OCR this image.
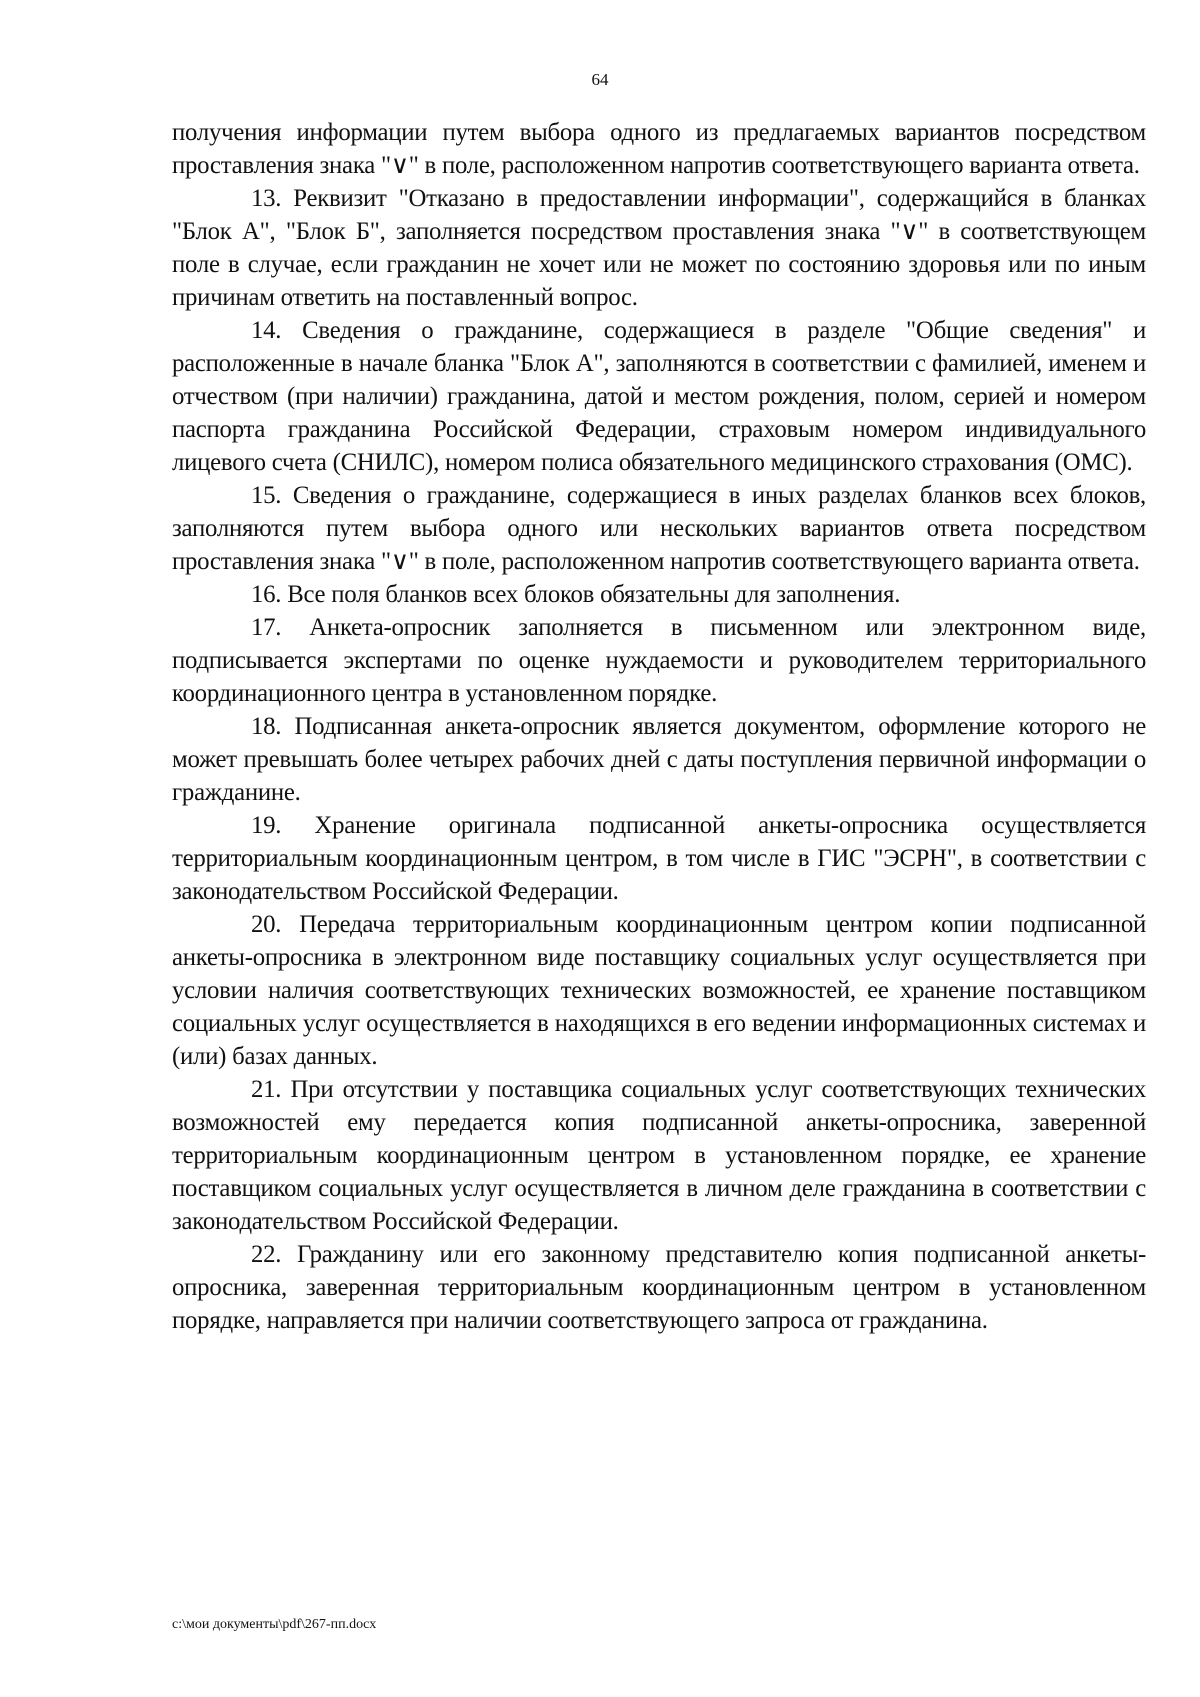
64

получения информации путем выбора одного из предлагаемых вариантов посредством проставления знака "∨" в поле, расположенном напротив соответствующего варианта ответа.

13. Реквизит "Отказано в предоставлении информации", содержащийся в бланках "Блок А", "Блок Б", заполняется посредством проставления знака "∨" в соответствующем поле в случае, если гражданин не хочет или не может по состоянию здоровья или по иным причинам ответить на поставленный вопрос.

14. Сведения о гражданине, содержащиеся в разделе "Общие сведения" и расположенные в начале бланка "Блок А", заполняются в соответствии с фамилией, именем и отчеством (при наличии) гражданина, датой и местом рождения, полом, серией и номером паспорта гражданина Российской Федерации, страховым номером индивидуального лицевого счета (СНИЛС), номером полиса обязательного медицинского страхования (ОМС).

15. Сведения о гражданине, содержащиеся в иных разделах бланков всех блоков, заполняются путем выбора одного или нескольких вариантов ответа посредством проставления знака "∨" в поле, расположенном напротив соответствующего варианта ответа.

16. Все поля бланков всех блоков обязательны для заполнения.

17. Анкета-опросник заполняется в письменном или электронном виде, подписывается экспертами по оценке нуждаемости и руководителем территориального координационного центра в установленном порядке.

18. Подписанная анкета-опросник является документом, оформление которого не может превышать более четырех рабочих дней с даты поступления первичной информации о гражданине.

19. Хранение оригинала подписанной анкеты-опросника осуществляется территориальным координационным центром, в том числе в ГИС "ЭСРН", в соответствии с законодательством Российской Федерации.

20. Передача территориальным координационным центром копии подписанной анкеты-опросника в электронном виде поставщику социальных услуг осуществляется при условии наличия соответствующих технических возможностей, ее хранение поставщиком социальных услуг осуществляется в находящихся в его ведении информационных системах и (или) базах данных.

21. При отсутствии у поставщика социальных услуг соответствующих технических возможностей ему передается копия подписанной анкеты-опросника, заверенной территориальным координационным центром в установленном порядке, ее хранение поставщиком социальных услуг осуществляется в личном деле гражданина в соответствии с законодательством Российской Федерации.

22. Гражданину или его законному представителю копия подписанной анкеты-опросника, заверенная территориальным координационным центром в установленном порядке, направляется при наличии соответствующего запроса от гражданина.

c:\мои документы\pdf\267-пп.docx
